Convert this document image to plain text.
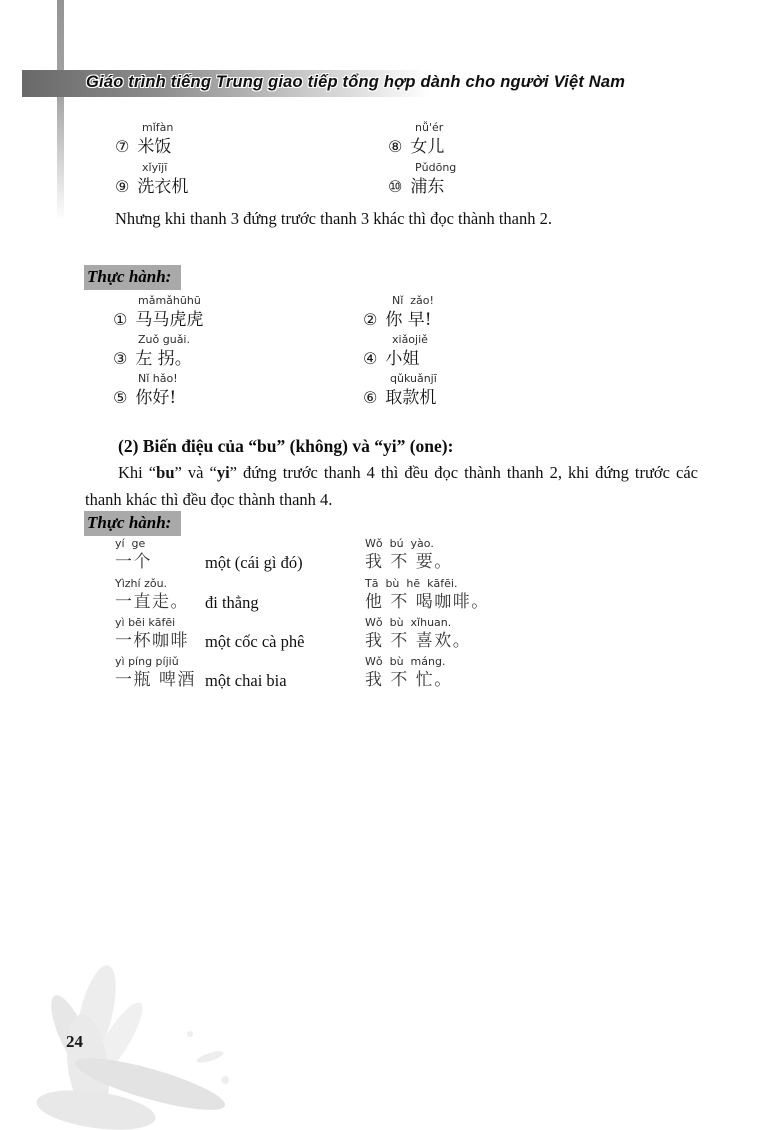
Giáo trình tiếng Trung giao tiếp tổng hợp dành cho người Việt Nam
mǐfàn
⑦ 米饭
nǚ'ér
⑧ 女儿
xǐyījī
⑨ 洗衣机
Pǔdōng
⑩ 浦东
Nhưng khi thanh 3 đứng trước thanh 3 khác thì đọc thành thanh 2.
Thực hành:
mǎmǎhūhū
① 马马虎虎
Nǐ  zǎo!
② 你 早!
Zuǒ guǎi.
③ 左 拐。
xiǎojiě
④ 小姐
Nǐ hǎo!
⑤ 你好!
qǔkuǎnjī
⑥ 取款机
(2) Biến điệu của “bu” (không) và “yi” (one):

Khi “bu” và “yi” đứng trước thanh 4 thì đều đọc thành thanh 2, khi đứng trước các thanh khác thì đều đọc thành thanh 4.

Thực hành:
yí  ge
一个	một (cái gì đó)
Wǒ  bú  yào.
我 不 要。
Yìzhí zǒu.
一直走。 đi thẳng
Tā  bù  hē  kāfēi.
他 不 喝咖啡。
yì bēi kāfēi
一杯咖啡 một cốc cà phê
Wǒ  bù  xǐhuan.
我 不 喜欢。
yì píng píjiǔ
一瓶 啤酒 một chai bia
Wǒ  bù  máng.
我 不 忙。
24
